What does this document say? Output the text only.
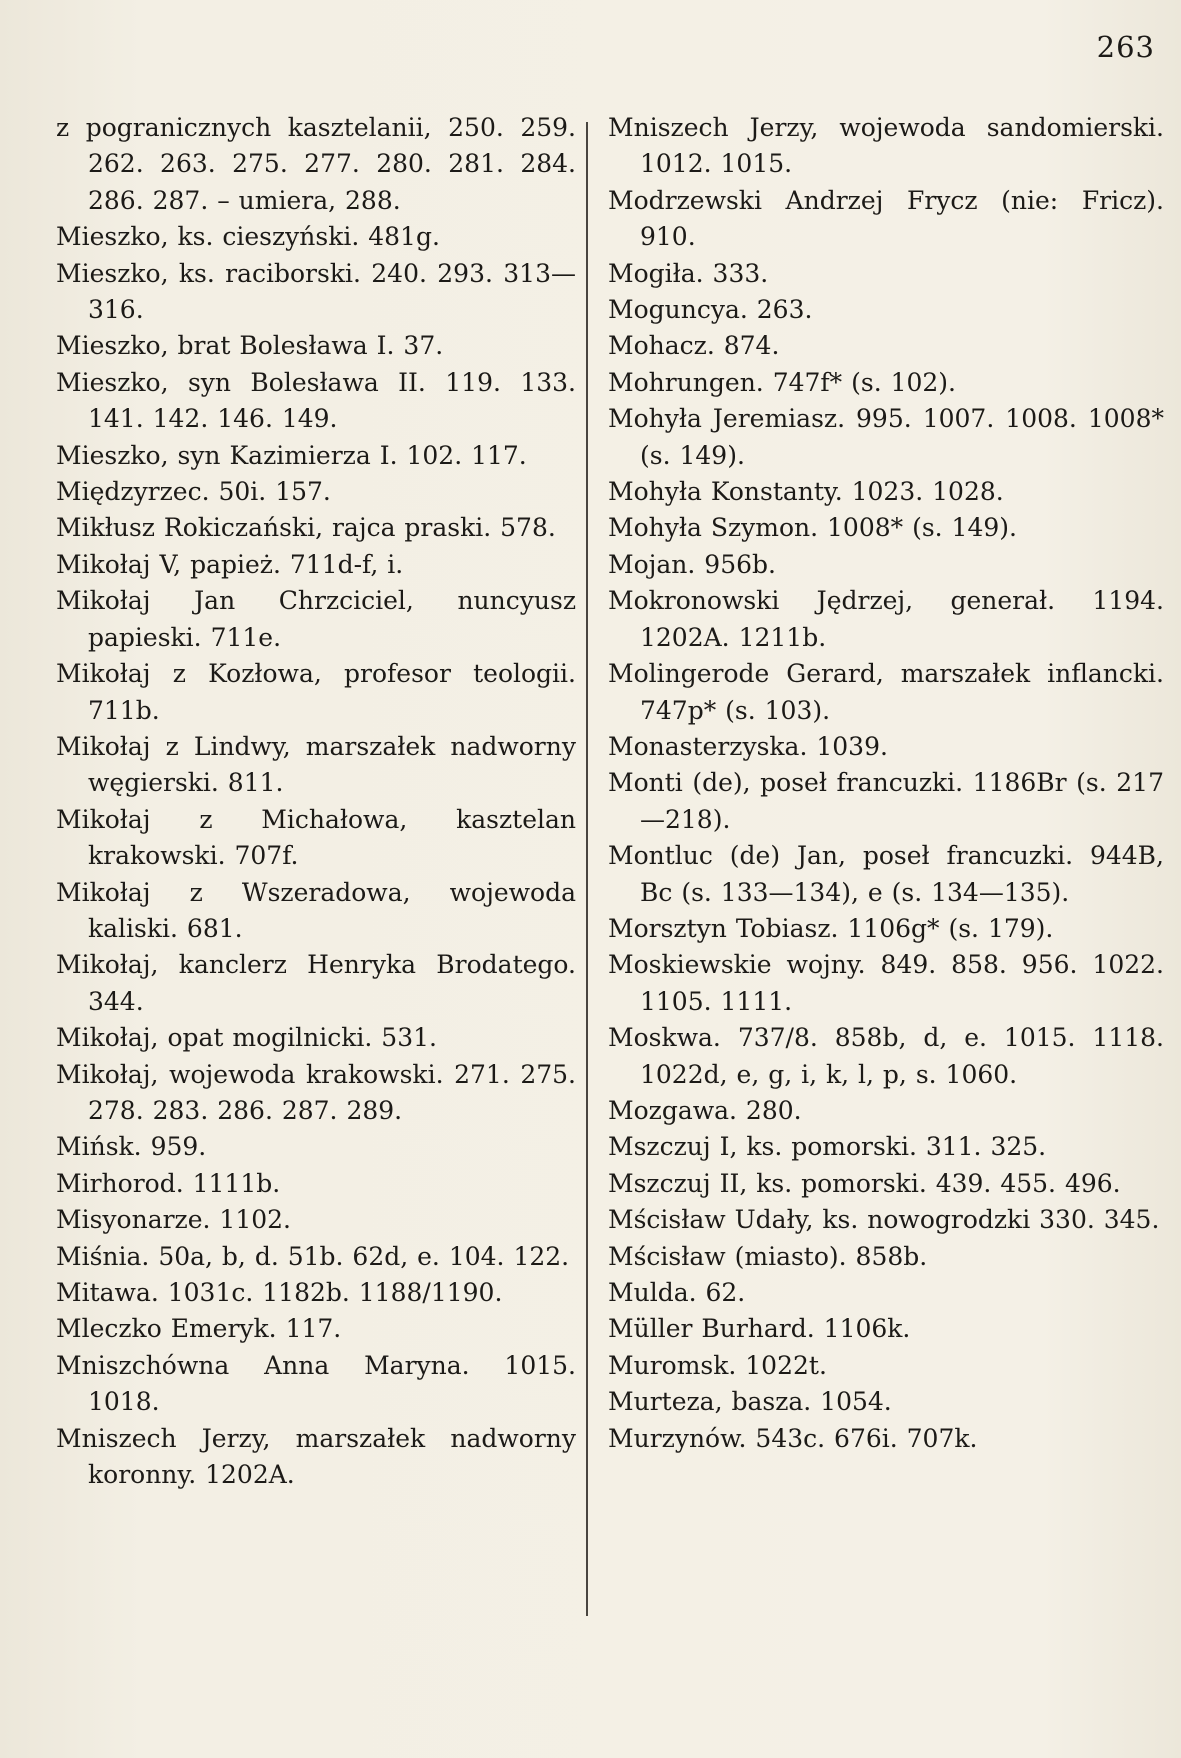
263
z pogranicznych kasztelanii, 250. 259. 262. 263. 275. 277. 280. 281. 284. 286. 287. – umiera, 288.
Mieszko, ks. cieszyński. 481g.
Mieszko, ks. raciborski. 240. 293. 313—316.
Mieszko, brat Bolesława I. 37.
Mieszko, syn Bolesława II. 119. 133. 141. 142. 146. 149.
Mieszko, syn Kazimierza I. 102. 117.
Międzyrzec. 50i. 157.
Mikłusz Rokiczański, rajca praski. 578.
Mikołaj V, papież. 711d-f, i.
Mikołaj Jan Chrzciciel, nuncyusz papieski. 711e.
Mikołaj z Kozłowa, profesor teologii. 711b.
Mikołaj z Lindwy, marszałek nadworny węgierski. 811.
Mikołaj z Michałowa, kasztelan krakowski. 707f.
Mikołaj z Wszeradowa, wojewoda kaliski. 681.
Mikołaj, kanclerz Henryka Brodatego. 344.
Mikołaj, opat mogilnicki. 531.
Mikołaj, wojewoda krakowski. 271. 275. 278. 283. 286. 287. 289.
Mińsk. 959.
Mirhorod. 1111b.
Misyonarze. 1102.
Miśnia. 50a, b, d. 51b. 62d, e. 104. 122.
Mitawa. 1031c. 1182b. 1188/1190.
Mleczko Emeryk. 117.
Mniszchówna Anna Maryna. 1015. 1018.
Mniszech Jerzy, marszałek nadworny koronny. 1202A.
Mniszech Jerzy, wojewoda sandomierski. 1012. 1015.
Modrzewski Andrzej Frycz (nie: Fricz). 910.
Mogiła. 333.
Moguncya. 263.
Mohacz. 874.
Mohrungen. 747f* (s. 102).
Mohyła Jeremiasz. 995. 1007. 1008. 1008* (s. 149).
Mohyła Konstanty. 1023. 1028.
Mohyła Szymon. 1008* (s. 149).
Mojan. 956b.
Mokronowski Jędrzej, generał. 1194. 1202A. 1211b.
Molingerode Gerard, marszałek inflancki. 747p* (s. 103).
Monasterzyska. 1039.
Monti (de), poseł francuzki. 1186Br (s. 217—218).
Montluc (de) Jan, poseł francuzki. 944B, Bc (s. 133—134), e (s. 134—135).
Morsztyn Tobiasz. 1106g* (s. 179).
Moskiewskie wojny. 849. 858. 956. 1022. 1105. 1111.
Moskwa. 737/8. 858b, d, e. 1015. 1118. 1022d, e, g, i, k, l, p, s. 1060.
Mozgawa. 280.
Mszczuj I, ks. pomorski. 311. 325.
Mszczuj II, ks. pomorski. 439. 455. 496.
Mścisław Udały, ks. nowogrodzki 330. 345.
Mścisław (miasto). 858b.
Mulda. 62.
Müller Burhard. 1106k.
Muromsk. 1022t.
Murteza, basza. 1054.
Murzynów. 543c. 676i. 707k.
